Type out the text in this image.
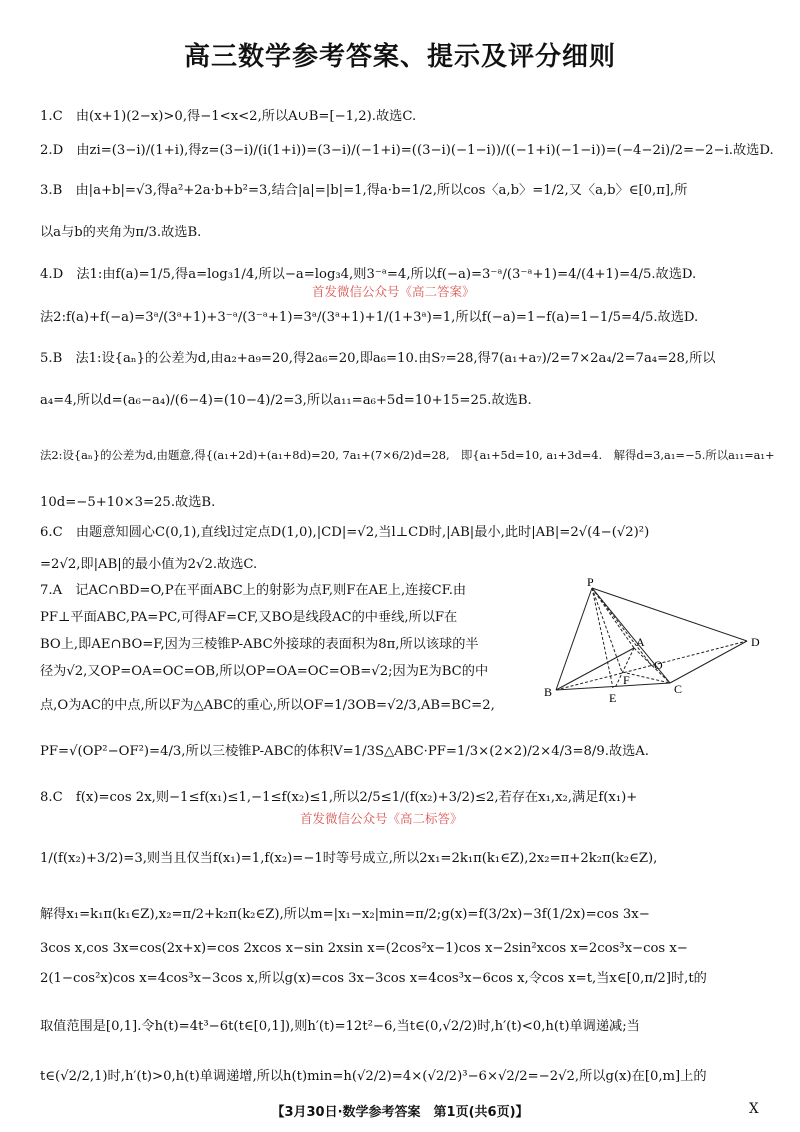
高三数学参考答案、提示及评分细则
1.C　由(x+1)(2−x)>0,得−1<x<2,所以A∪B=[−1,2).故选C.
2.D　由zi=(3−i)/(1+i),得z=(3−i)/(i(1+i))=(3−i)/(−1+i)=((3−i)(−1−i))/((−1+i)(−1−i))=(−4−2i)/2=−2−i.故选D.
3.B　由|a+b|=√3,得a²+2a·b+b²=3,结合|a|=|b|=1,得a·b=1/2,所以cos〈a,b〉=1/2,又〈a,b〉∈[0,π],所
以a与b的夹角为π/3.故选B.
4.D　法1:由f(a)=1/5,得a=log₃1/4,所以−a=log₃4,则3⁻ᵃ=4,所以f(−a)=3⁻ᵃ/(3⁻ᵃ+1)=4/(4+1)=4/5.故选D.
首发微信公众号《高二答案》
法2:f(a)+f(−a)=3ᵃ/(3ᵃ+1)+3⁻ᵃ/(3⁻ᵃ+1)=3ᵃ/(3ᵃ+1)+1/(1+3ᵃ)=1,所以f(−a)=1−f(a)=1−1/5=4/5.故选D.
5.B　法1:设{aₙ}的公差为d,由a₂+a₉=20,得2a₆=20,即a₆=10.由S₇=28,得7(a₁+a₇)/2=7×2a₄/2=7a₄=28,所以
a₄=4,所以d=(a₆−a₄)/(6−4)=(10−4)/2=3,所以a₁₁=a₆+5d=10+15=25.故选B.
法2:设{aₙ}的公差为d,由题意,得{(a₁+2d)+(a₁+8d)=20, 7a₁+(7×6/2)d=28,　即{a₁+5d=10, a₁+3d=4.　解得d=3,a₁=−5.所以a₁₁=a₁+
10d=−5+10×3=25.故选B.
6.C　由题意知圆心C(0,1),直线l过定点D(1,0),|CD|=√2,当l⊥CD时,|AB|最小,此时|AB|=2√(4−(√2)²)
=2√2,即|AB|的最小值为2√2.故选C.
7.A　记AC∩BD=O,P在平面ABC上的射影为点F,则F在AE上,连接CF.由
PF⊥平面ABC,PA=PC,可得AF=CF,又BO是线段AC的中垂线,所以F在
BO上,即AE∩BO=F,因为三棱锥P-ABC外接球的表面积为8π,所以该球的半
径为√2,又OP=OA=OC=OB,所以OP=OA=OC=OB=√2;因为E为BC的中
点,O为AC的中点,所以F为△ABC的重心,所以OF=1/3OB=√2/3,AB=BC=2,
PF=√(OP²−OF²)=4/3,所以三棱锥P-ABC的体积V=1/3S△ABC·PF=1/3×(2×2)/2×4/3=8/9.故选A.
P
D
A
O
F
B	E
C
8.C　f(x)=cos 2x,则−1≤f(x₁)≤1,−1≤f(x₂)≤1,所以2/5≤1/(f(x₂)+3/2)≤2,若存在x₁,x₂,满足f(x₁)+
首发微信公众号《高二标答》
1/(f(x₂)+3/2)=3,则当且仅当f(x₁)=1,f(x₂)=−1时等号成立,所以2x₁=2k₁π(k₁∈Z),2x₂=π+2k₂π(k₂∈Z),
解得x₁=k₁π(k₁∈Z),x₂=π/2+k₂π(k₂∈Z),所以m=|x₁−x₂|min=π/2;g(x)=f(3/2x)−3f(1/2x)=cos 3x−
3cos x,cos 3x=cos(2x+x)=cos 2xcos x−sin 2xsin x=(2cos²x−1)cos x−2sin²xcos x=2cos³x−cos x−
2(1−cos²x)cos x=4cos³x−3cos x,所以g(x)=cos 3x−3cos x=4cos³x−6cos x,令cos x=t,当x∈[0,π/2]时,t的
取值范围是[0,1].令h(t)=4t³−6t(t∈[0,1]),则h′(t)=12t²−6,当t∈(0,√2/2)时,h′(t)<0,h(t)单调递减;当
t∈(√2/2,1)时,h′(t)>0,h(t)单调递增,所以h(t)min=h(√2/2)=4×(√2/2)³−6×√2/2=−2√2,所以g(x)在[0,m]上的
【3月30日·数学参考答案　第1页(共6页)】	X
